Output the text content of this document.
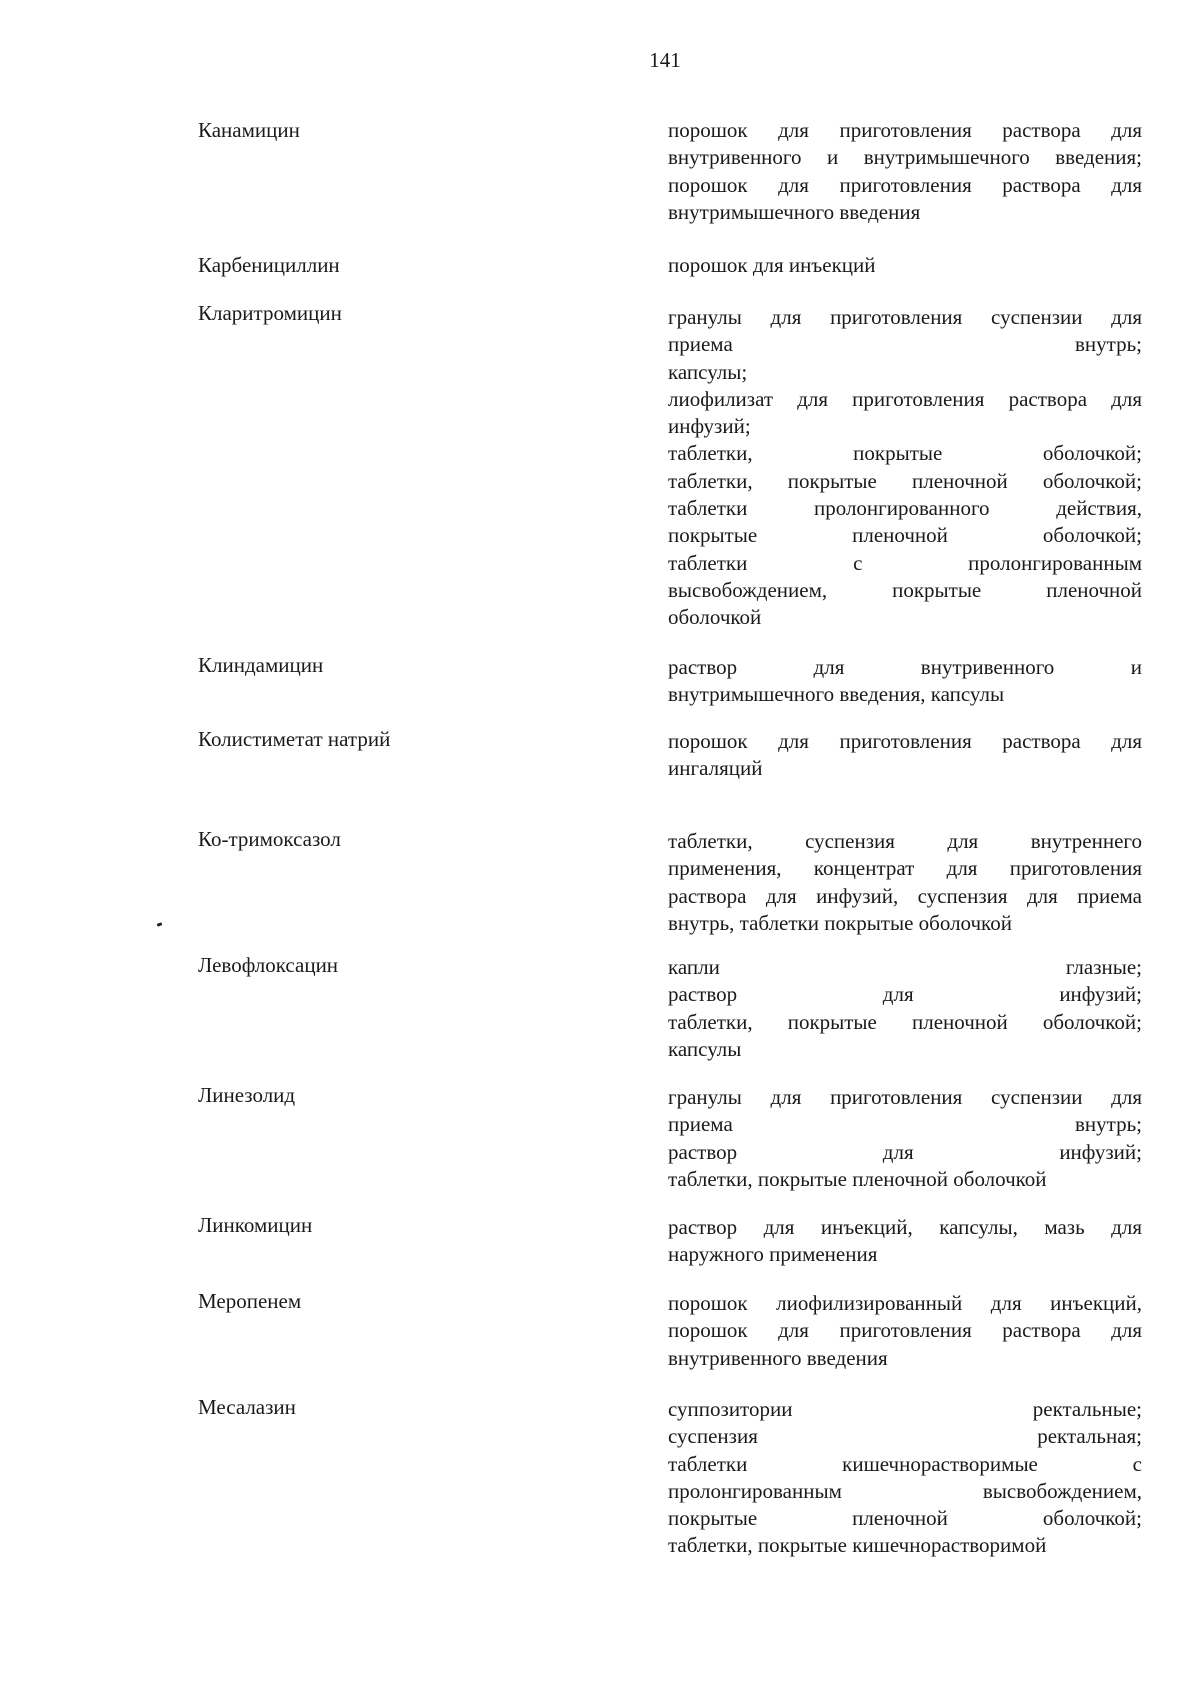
141
Канамицин	порошок для приготовления раствора для
внутривенного и внутримышечного введения;
порошок для приготовления раствора для
внутримышечного введения
Карбенициллин	порошок для инъекций
Кларитромицин	гранулы для приготовления суспензии для
приема внутрь;
капсулы;
лиофилизат для приготовления раствора для
инфузий;
таблетки, покрытые оболочкой;
таблетки, покрытые пленочной оболочкой;
таблетки пролонгированного действия,
покрытые пленочной оболочкой;
таблетки с пролонгированным
высвобождением, покрытые пленочной
оболочкой
Клиндамицин	раствор для внутривенного и
внутримышечного введения, капсулы
Колистиметат натрий	порошок для приготовления раствора для
ингаляций
Ко-тримоксазол	таблетки, суспензия для внутреннего
применения, концентрат для приготовления
раствора для инфузий, суспензия для приема
внутрь, таблетки покрытые оболочкой
Левофлоксацин	капли глазные;
раствор для инфузий;
таблетки, покрытые пленочной оболочкой;
капсулы
Линезолид	гранулы для приготовления суспензии для
приема внутрь;
раствор для инфузий;
таблетки, покрытые пленочной оболочкой
Линкомицин	раствор для инъекций, капсулы, мазь для
наружного применения
Меропенем	порошок лиофилизированный для инъекций,
порошок для приготовления раствора для
внутривенного введения
Месалазин	суппозитории ректальные;
суспензия ректальная;
таблетки кишечнорастворимые с
пролонгированным высвобождением,
покрытые пленочной оболочкой;
таблетки, покрытые кишечнорастворимой
